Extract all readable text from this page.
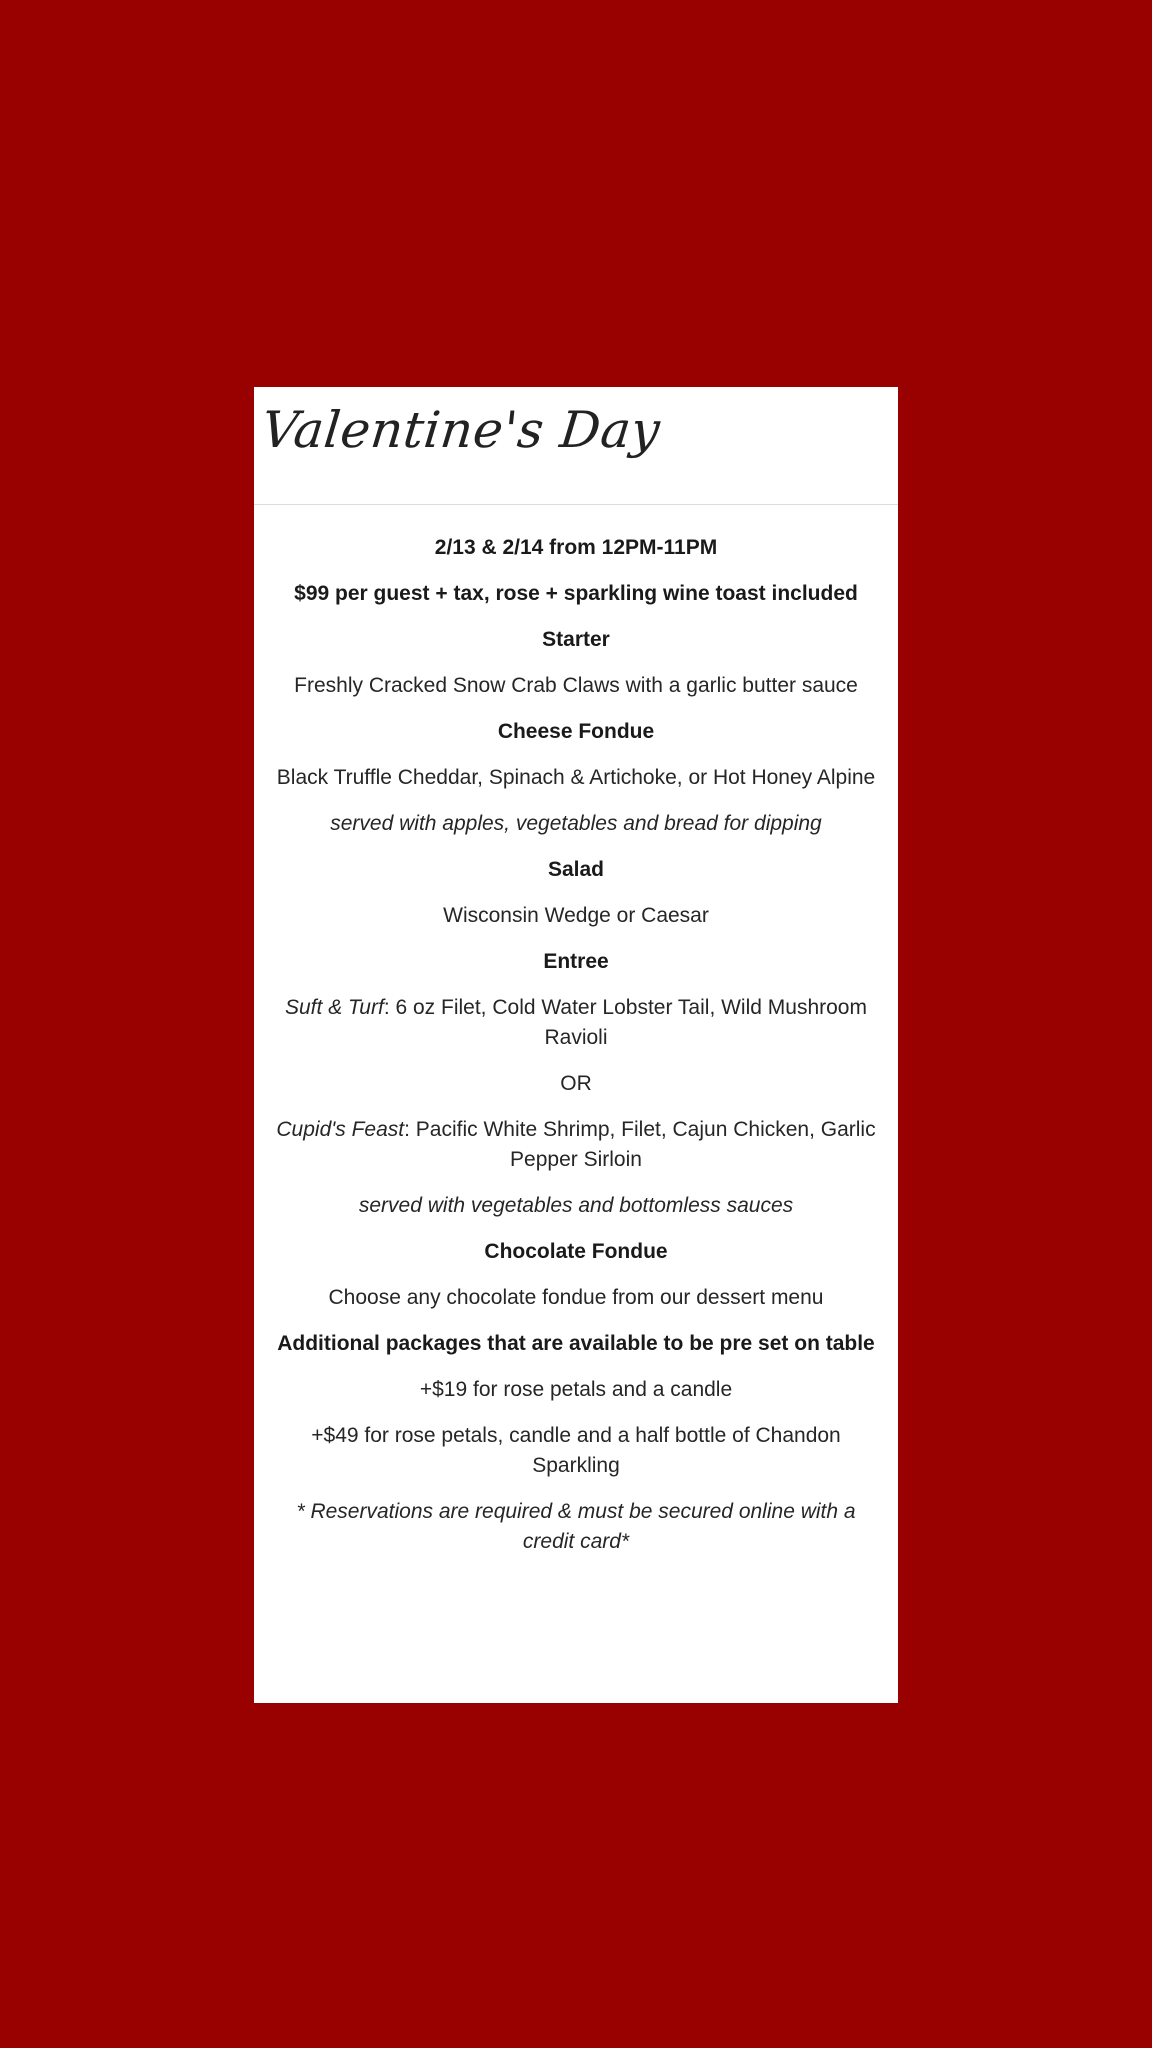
Valentine's Day

2/13 & 2/14 from 12PM-11PM

$99 per guest + tax, rose + sparkling wine toast included

Starter

Freshly Cracked Snow Crab Claws with a garlic butter sauce

Cheese Fondue

Black Truffle Cheddar, Spinach & Artichoke, or Hot Honey Alpine

served with apples, vegetables and bread for dipping

Salad

Wisconsin Wedge or Caesar

Entree

Suft & Turf: 6 oz Filet, Cold Water Lobster Tail, Wild Mushroom Ravioli

OR

Cupid's Feast: Pacific White Shrimp, Filet, Cajun Chicken, Garlic Pepper Sirloin

served with vegetables and bottomless sauces

Chocolate Fondue

Choose any chocolate fondue from our dessert menu

Additional packages that are available to be pre set on table

+$19 for rose petals and a candle

+$49 for rose petals, candle and a half bottle of Chandon Sparkling

* Reservations are required & must be secured online with a credit card*
